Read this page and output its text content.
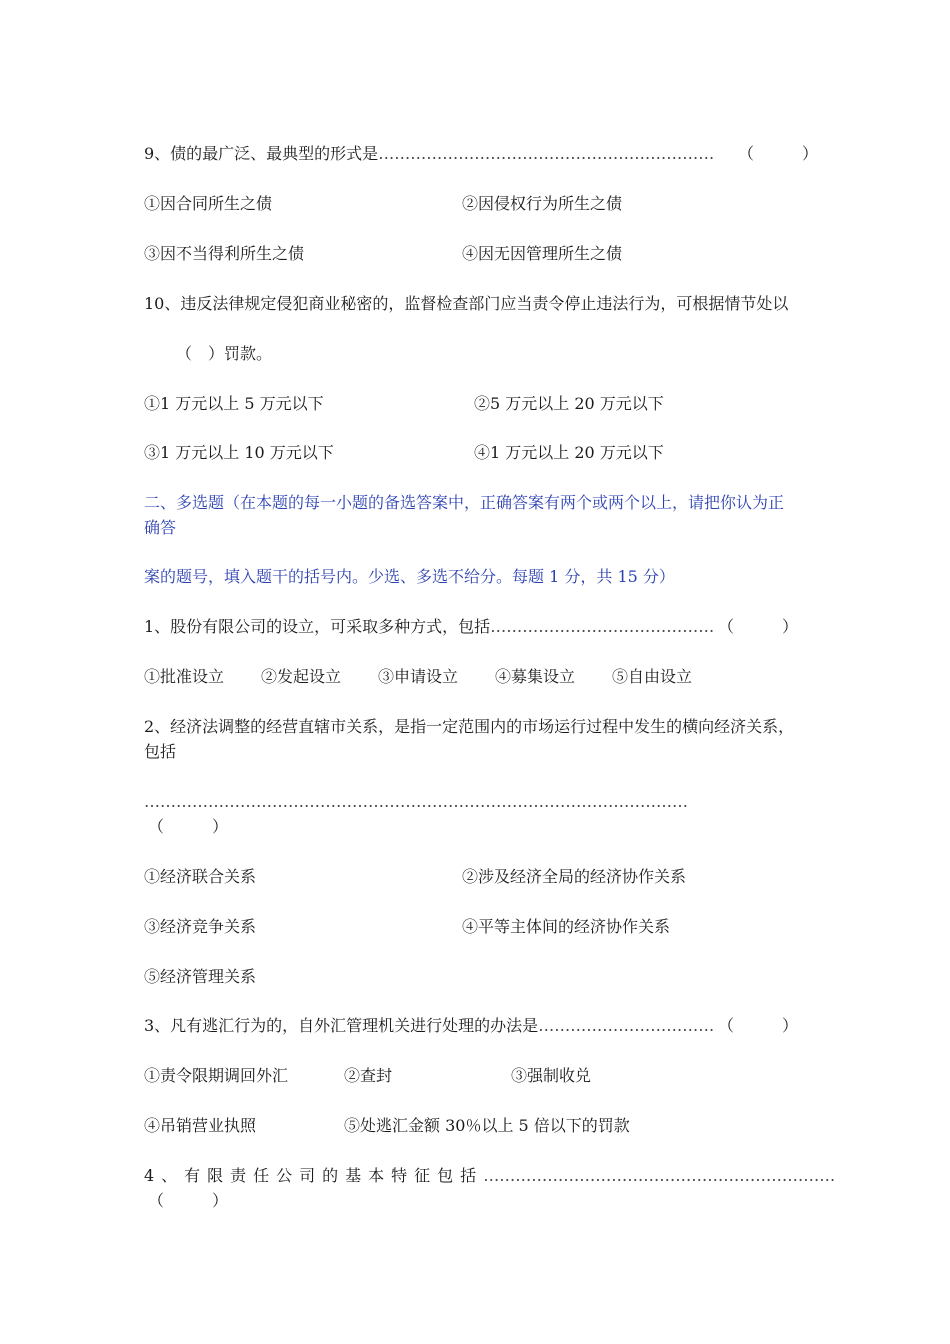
9、债的最广泛、最典型的形式是……………………………………………………… （　　　）
①因合同所生之债	②因侵权行为所生之债
③因不当得利所生之债	④因无因管理所生之债
10、违反法律规定侵犯商业秘密的，监督检查部门应当责令停止违法行为，可根据情节处以
（　）罚款。
①1 万元以上 5 万元以下	②5 万元以上 20 万元以下
③1 万元以上 10 万元以下	④1 万元以上 20 万元以下
二、多选题（在本题的每一小题的备选答案中，正确答案有两个或两个以上，请把你认为正
确答
案的题号，填入题干的括号内。少选、多选不给分。每题 1 分，共 15 分）
1、股份有限公司的设立，可采取多种方式，包括…………………………………… （　　　）
①批准设立 ②发起设立 ③申请设立 ④募集设立 ⑤自由设立
2、经济法调整的经营直辖市关系，是指一定范围内的市场运行过程中发生的横向经济关系，
包括
…………………………………………………………………………………………
（　　　）
①经济联合关系	②涉及经济全局的经济协作关系
③经济竞争关系	④平等主体间的经济协作关系
⑤经济管理关系
3、凡有逃汇行为的，自外汇管理机关进行处理的办法是…………………………… （　　　）
①责令限期调回外汇	②查封	③强制收兑
④吊销营业执照	⑤处逃汇金额 30％以上 5 倍以下的罚款
4、有限责任公司的基本特征包括…………………………………………………………
（　　　）
